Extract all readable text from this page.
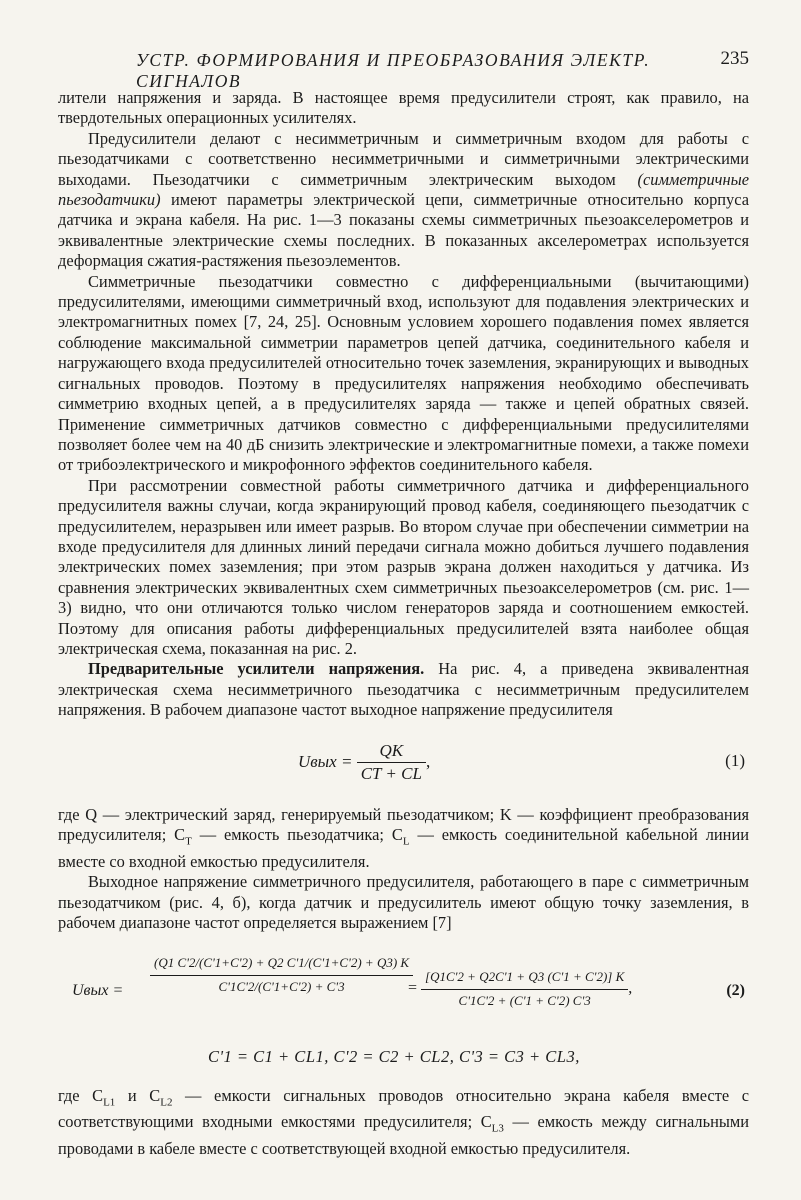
УСТР. ФОРМИРОВАНИЯ И ПРЕОБРАЗОВАНИЯ ЭЛЕКТР. СИГНАЛОВ
235

лители напряжения и заряда. В настоящее время предусилители строят, как правило, на твердотельных операционных усилителях.

Предусилители делают с несимметричным и симметричным входом для работы с пьезодатчиками с соответственно несимметричными и симметричными электрическими выходами. Пьезодатчики с симметричным электрическим выходом (симметричные пьезодатчики) имеют параметры электрической цепи, симметричные относительно корпуса датчика и экрана кабеля. На рис. 1—3 показаны схемы симметричных пьезоакселерометров и эквивалентные электрические схемы последних. В показанных акселерометрах используется деформация сжатия-растяжения пьезоэлементов.

Симметричные пьезодатчики совместно с дифференциальными (вычитающими) предусилителями, имеющими симметричный вход, используют для подавления электрических и электромагнитных помех [7, 24, 25]. Основным условием хорошего подавления помех является соблюдение максимальной симметрии параметров цепей датчика, соединительного кабеля и нагружающего входа предусилителей относительно точек заземления, экранирующих и выводных сигнальных проводов. Поэтому в предусилителях напряжения необходимо обеспечивать симметрию входных цепей, а в предусилителях заряда — также и цепей обратных связей. Применение симметричных датчиков совместно с дифференциальными предусилителями позволяет более чем на 40 дБ снизить электрические и электромагнитные помехи, а также помехи от трибоэлектрического и микрофонного эффектов соединительного кабеля.

При рассмотрении совместной работы симметричного датчика и дифференциального предусилителя важны случаи, когда экранирующий провод кабеля, соединяющего пьезодатчик с предусилителем, неразрывен или имеет разрыв. Во втором случае при обеспечении симметрии на входе предусилителя для длинных линий передачи сигнала можно добиться лучшего подавления электрических помех заземления; при этом разрыв экрана должен находиться у датчика. Из сравнения электрических эквивалентных схем симметричных пьезоакселерометров (см. рис. 1—3) видно, что они отличаются только числом генераторов заряда и соотношением емкостей. Поэтому для описания работы дифференциальных предусилителей взята наиболее общая электрическая схема, показанная на рис. 2.

Предварительные усилители напряжения. На рис. 4, а приведена эквивалентная электрическая схема несимметричного пьезодатчика с несимметричным предусилителем напряжения. В рабочем диапазоне частот выходное напряжение предусилителя

Uвых = $\frac{QK}{CT + CL}$ ,	(1)

где Q — электрический заряд, генерируемый пьезодатчиком; K — коэффициент преобразования предусилителя; $C_T$ — емкость пьезодатчика; $C_L$ — емкость соединительной кабельной линии вместе со входной емкостью предусилителя.

Выходное напряжение симметричного предусилителя, работающего в паре с симметричным пьезодатчиком (рис. 4, б), когда датчик и предусилитель имеют общую точку заземления, в рабочем диапазоне частот определяется выражением [7]

Uвых = $\frac{(Q1 C'2/(C'1+C'2) + Q2 C'1/(C'1+C'2) + Q3) K}{C'1C'2/(C'1+C'2) + C'3}$
= $\frac{[Q1C'2 + Q2C'1 + Q3 (C'1 + C'2)] K}{C'1C'2 + (C'1 + C'2) C'3}$ ,	(2)
C'1 = C1 + CL1, C'2 = C2 + CL2, C'3 = C3 + CL3,

где $C_{L1}$ и $C_{L2}$ — емкости сигнальных проводов относительно экрана кабеля вместе с соответствующими входными емкостями предусилителя; $C_{L3}$ — емкость между сигнальными проводами в кабеле вместе с соответствующей входной емкостью предусилителя.
